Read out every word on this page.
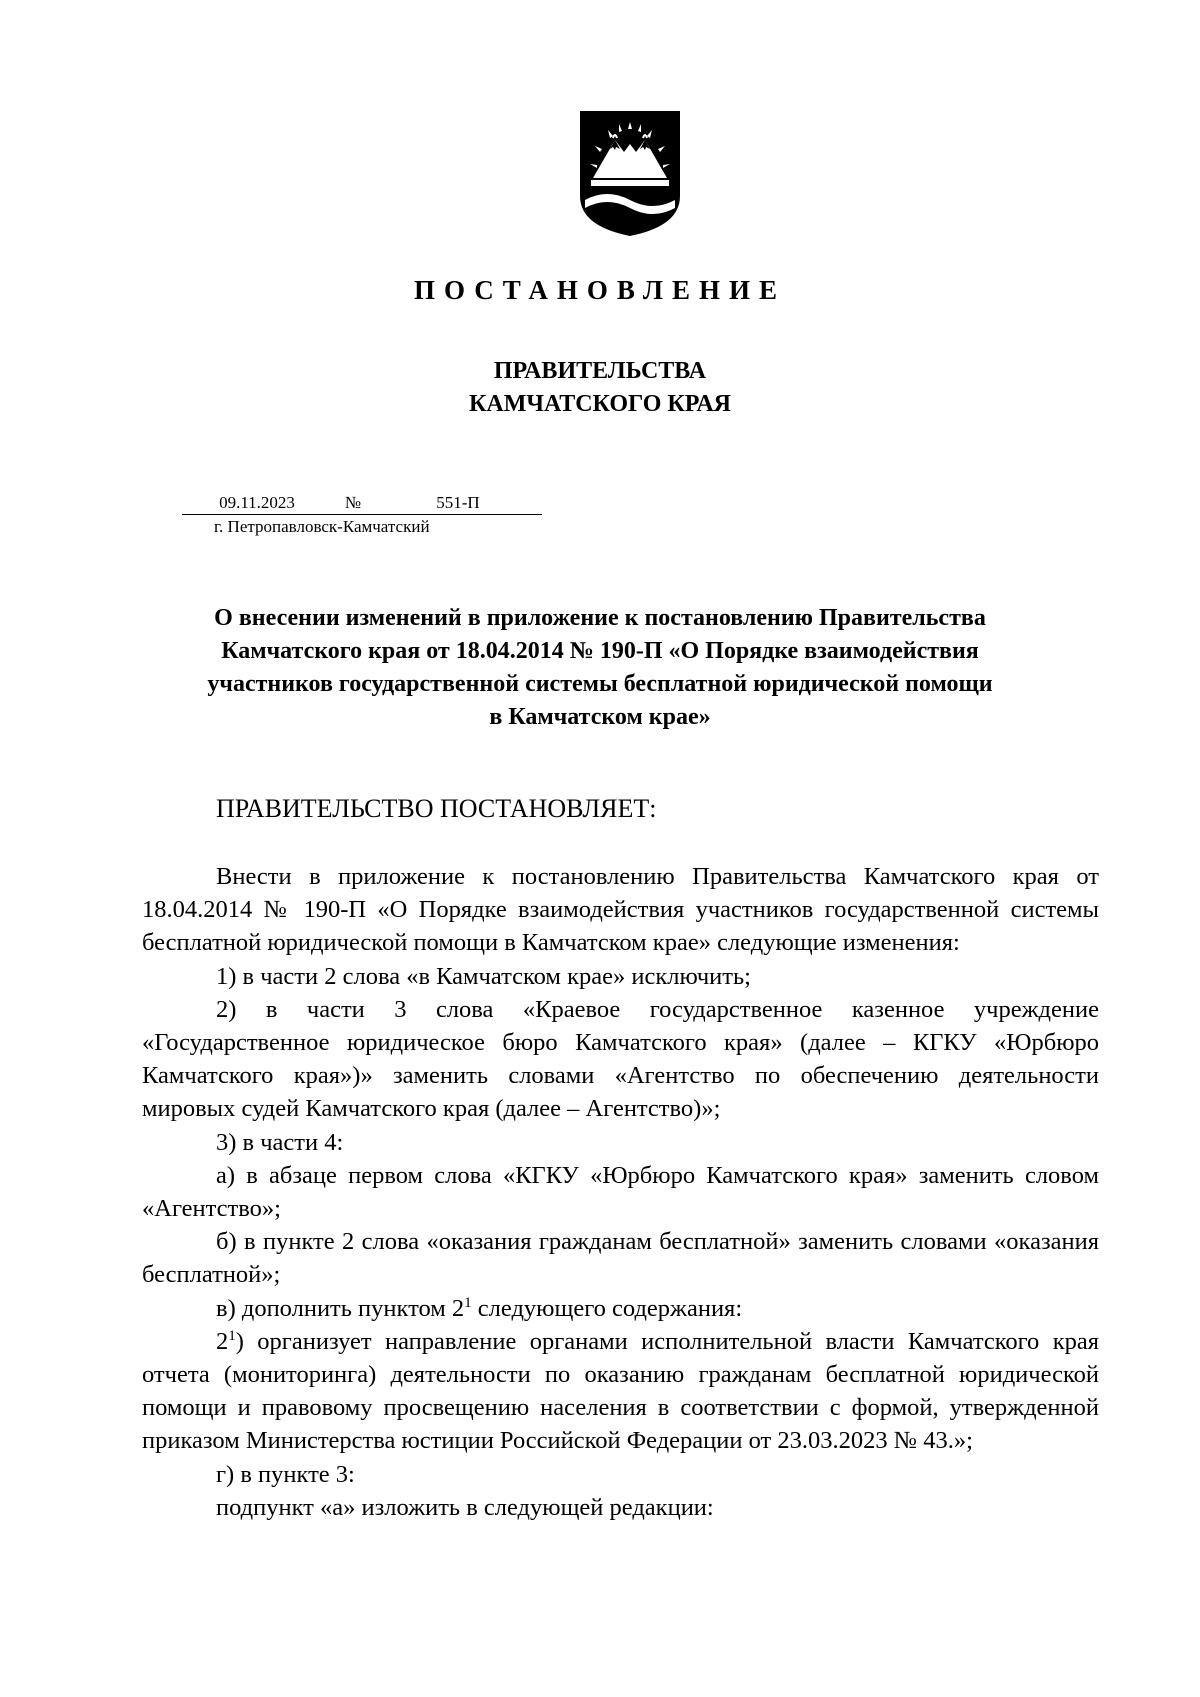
ПОСТАНОВЛЕНИЕ
ПРАВИТЕЛЬСТВА
КАМЧАТСКОГО КРАЯ
09.11.2023	№	551-П
г. Петропавловск-Камчатский
О внесении изменений в приложение к постановлению Правительства
Камчатского края от 18.04.2014 № 190-П «О Порядке взаимодействия
участников государственной системы бесплатной юридической помощи
в Камчатском крае»
ПРАВИТЕЛЬСТВО ПОСТАНОВЛЯЕТ:

Внести в приложение к постановлению Правительства Камчатского края от 18.04.2014 № 190-П «О Порядке взаимодействия участников государственной системы бесплатной юридической помощи в Камчатском крае» следующие изменения:

1) в части 2 слова «в Камчатском крае» исключить;

2) в части 3 слова «Краевое государственное казенное учреждение «Государственное юридическое бюро Камчатского края» (далее – КГКУ «Юрбюро Камчатского края»)» заменить словами «Агентство по обеспечению деятельности мировых судей Камчатского края (далее – Агентство)»;

3) в части 4:

а) в абзаце первом слова «КГКУ «Юрбюро Камчатского края» заменить словом «Агентство»;

б) в пункте 2 слова «оказания гражданам бесплатной» заменить словами «оказания бесплатной»;

в) дополнить пунктом $2^1$ следующего содержания:

$2^1$) организует направление органами исполнительной власти Камчатского края отчета (мониторинга) деятельности по оказанию гражданам бесплатной юридической помощи и правовому просвещению населения в соответствии с формой, утвержденной приказом Министерства юстиции Российской Федерации от 23.03.2023 № 43.»;

г) в пункте 3:

подпункт «а» изложить в следующей редакции:
